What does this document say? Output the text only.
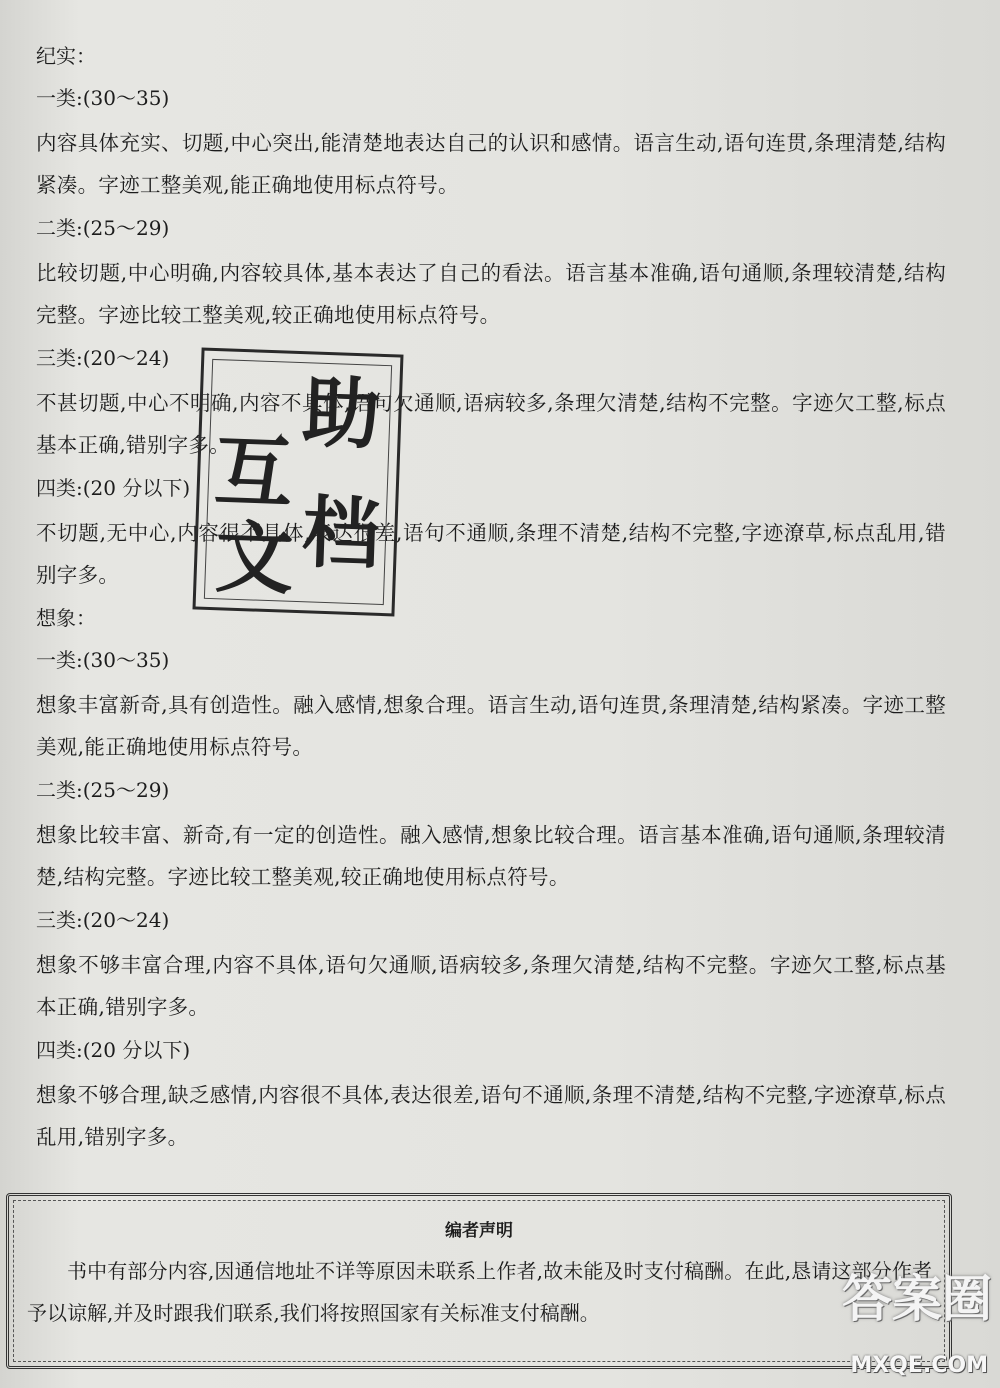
纪实：
一类:(30～35)
内容具体充实、切题,中心突出,能清楚地表达自己的认识和感情。语言生动,语句连贯,条理清楚,结构紧凑。字迹工整美观,能正确地使用标点符号。
二类:(25～29)
比较切题,中心明确,内容较具体,基本表达了自己的看法。语言基本准确,语句通顺,条理较清楚,结构完整。字迹比较工整美观,较正确地使用标点符号。
三类:(20～24)
不甚切题,中心不明确,内容不具体,语句欠通顺,语病较多,条理欠清楚,结构不完整。字迹欠工整,标点基本正确,错别字多。
四类:(20 分以下)
不切题,无中心,内容很不具体,表达很差,语句不通顺,条理不清楚,结构不完整,字迹潦草,标点乱用,错别字多。
想象：
一类:(30～35)
想象丰富新奇,具有创造性。融入感情,想象合理。语言生动,语句连贯,条理清楚,结构紧凑。字迹工整美观,能正确地使用标点符号。
二类:(25～29)
想象比较丰富、新奇,有一定的创造性。融入感情,想象比较合理。语言基本准确,语句通顺,条理较清楚,结构完整。字迹比较工整美观,较正确地使用标点符号。
三类:(20～24)
想象不够丰富合理,内容不具体,语句欠通顺,语病较多,条理欠清楚,结构不完整。字迹欠工整,标点基本正确,错别字多。
四类:(20 分以下)
想象不够合理,缺乏感情,内容很不具体,表达很差,语句不通顺,条理不清楚,结构不完整,字迹潦草,标点乱用,错别字多。
互
助
文 档
编者声明
书中有部分内容,因通信地址不详等原因未联系上作者,故未能及时支付稿酬。在此,恳请这部分作者予以谅解,并及时跟我们联系,我们将按照国家有关标准支付稿酬。	答案圈
MXQE.COM
